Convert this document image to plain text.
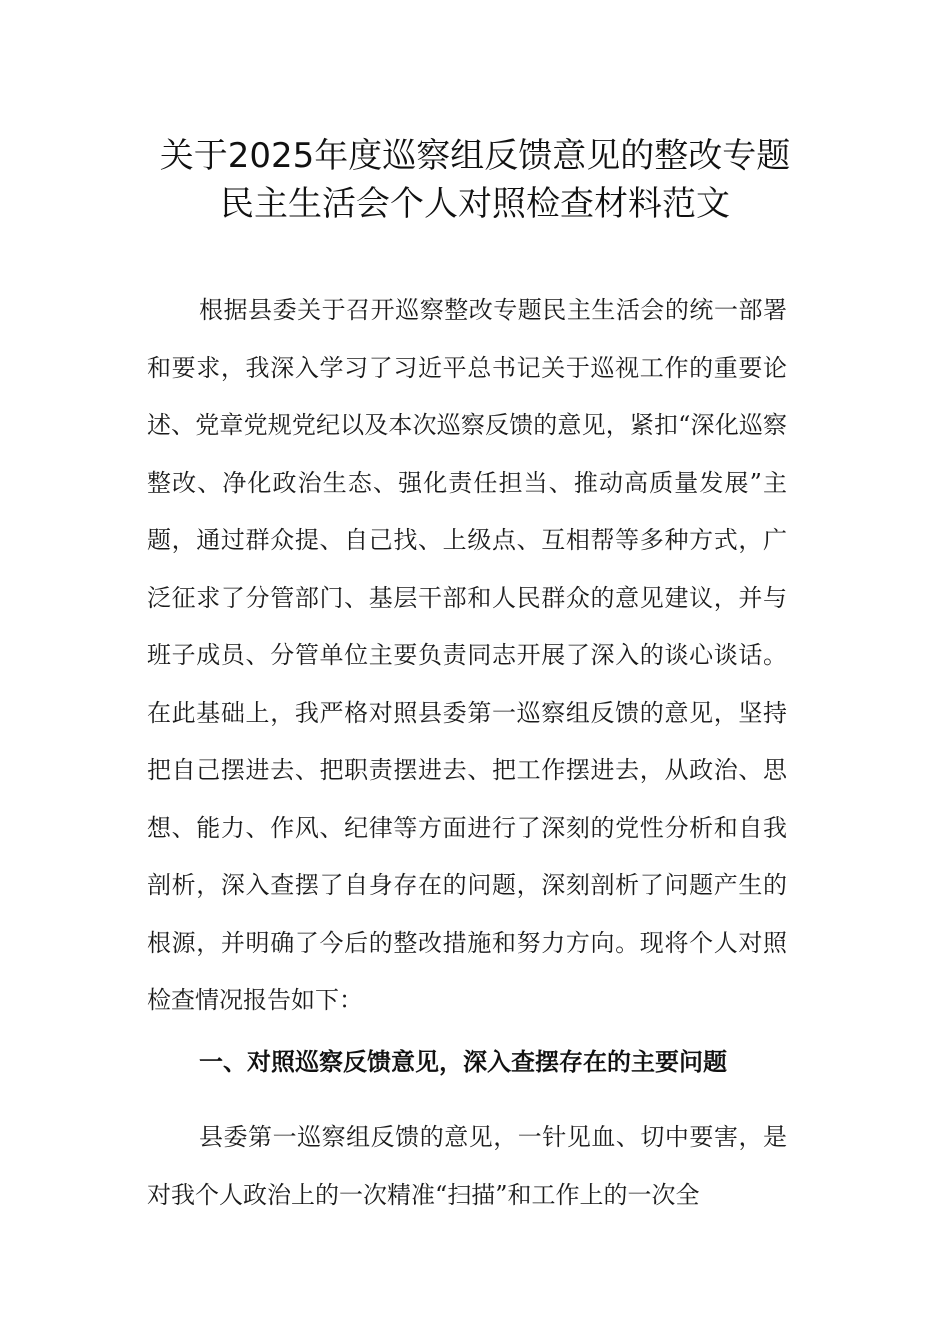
关于2025年度巡察组反馈意见的整改专题
民主生活会个人对照检查材料范文

根据县委关于召开巡察整改专题民主生活会的统一部署和要求，我深入学习了习近平总书记关于巡视工作的重要论述、党章党规党纪以及本次巡察反馈的意见，紧扣“深化巡察整改、净化政治生态、强化责任担当、推动高质量发展”主题，通过群众提、自己找、上级点、互相帮等多种方式，广泛征求了分管部门、基层干部和人民群众的意见建议，并与班子成员、分管单位主要负责同志开展了深入的谈心谈话。在此基础上，我严格对照县委第一巡察组反馈的意见，坚持把自己摆进去、把职责摆进去、把工作摆进去，从政治、思想、能力、作风、纪律等方面进行了深刻的党性分析和自我剖析，深入查摆了自身存在的问题，深刻剖析了问题产生的根源，并明确了今后的整改措施和努力方向。现将个人对照检查情况报告如下：

一、对照巡察反馈意见，深入查摆存在的主要问题

县委第一巡察组反馈的意见，一针见血、切中要害，是对我个人政治上的一次精准“扫描”和工作上的一次全
